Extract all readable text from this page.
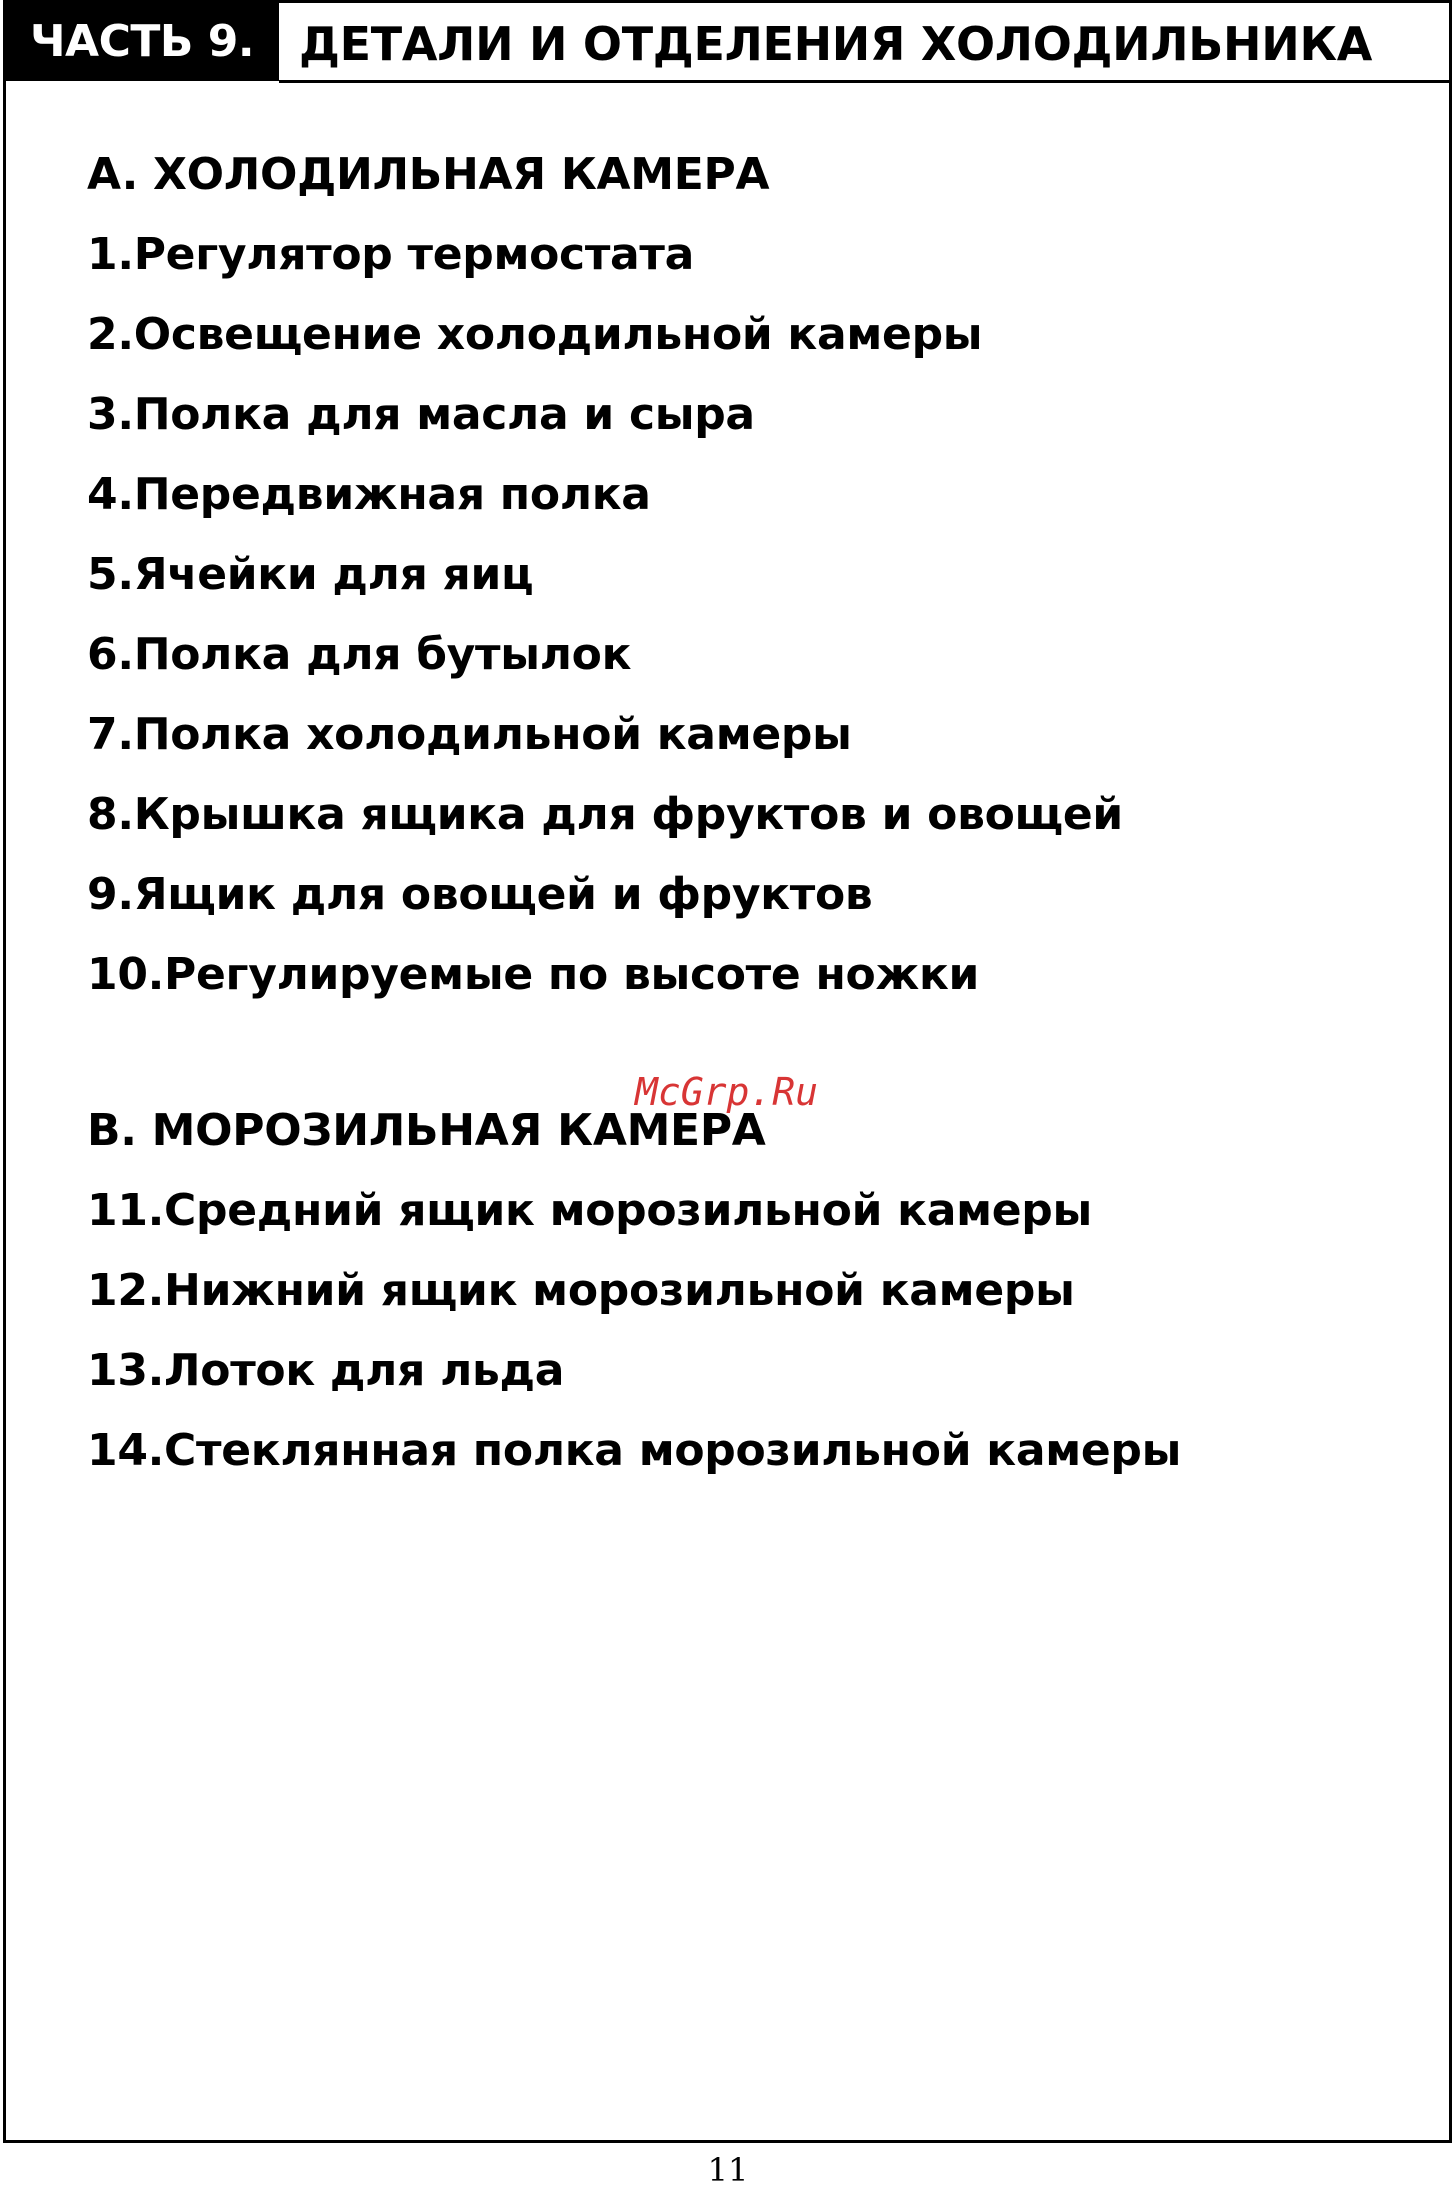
ЧАСТЬ 9. ДЕТАЛИ И ОТДЕЛЕНИЯ ХОЛОДИЛЬНИКА
A. ХОЛОДИЛЬНАЯ КАМЕРА
1.Регулятор термостата
2.Освещение холодильной камеры
3.Полка для масла и сыра
4.Передвижная полка
5.Ячейки для яиц
6.Полка для бутылок
7.Полка холодильной камеры
8.Крышка ящика для фруктов и овощей
9.Ящик для овощей и фруктов
10.Регулируемые по высоте ножки
B. МОРОЗИЛЬНАЯ КАМЕРА
11.Средний ящик морозильной камеры
12.Нижний ящик морозильной камеры
13.Лоток для льда
14.Стеклянная полка морозильной камеры
McGrp.Ru
11
